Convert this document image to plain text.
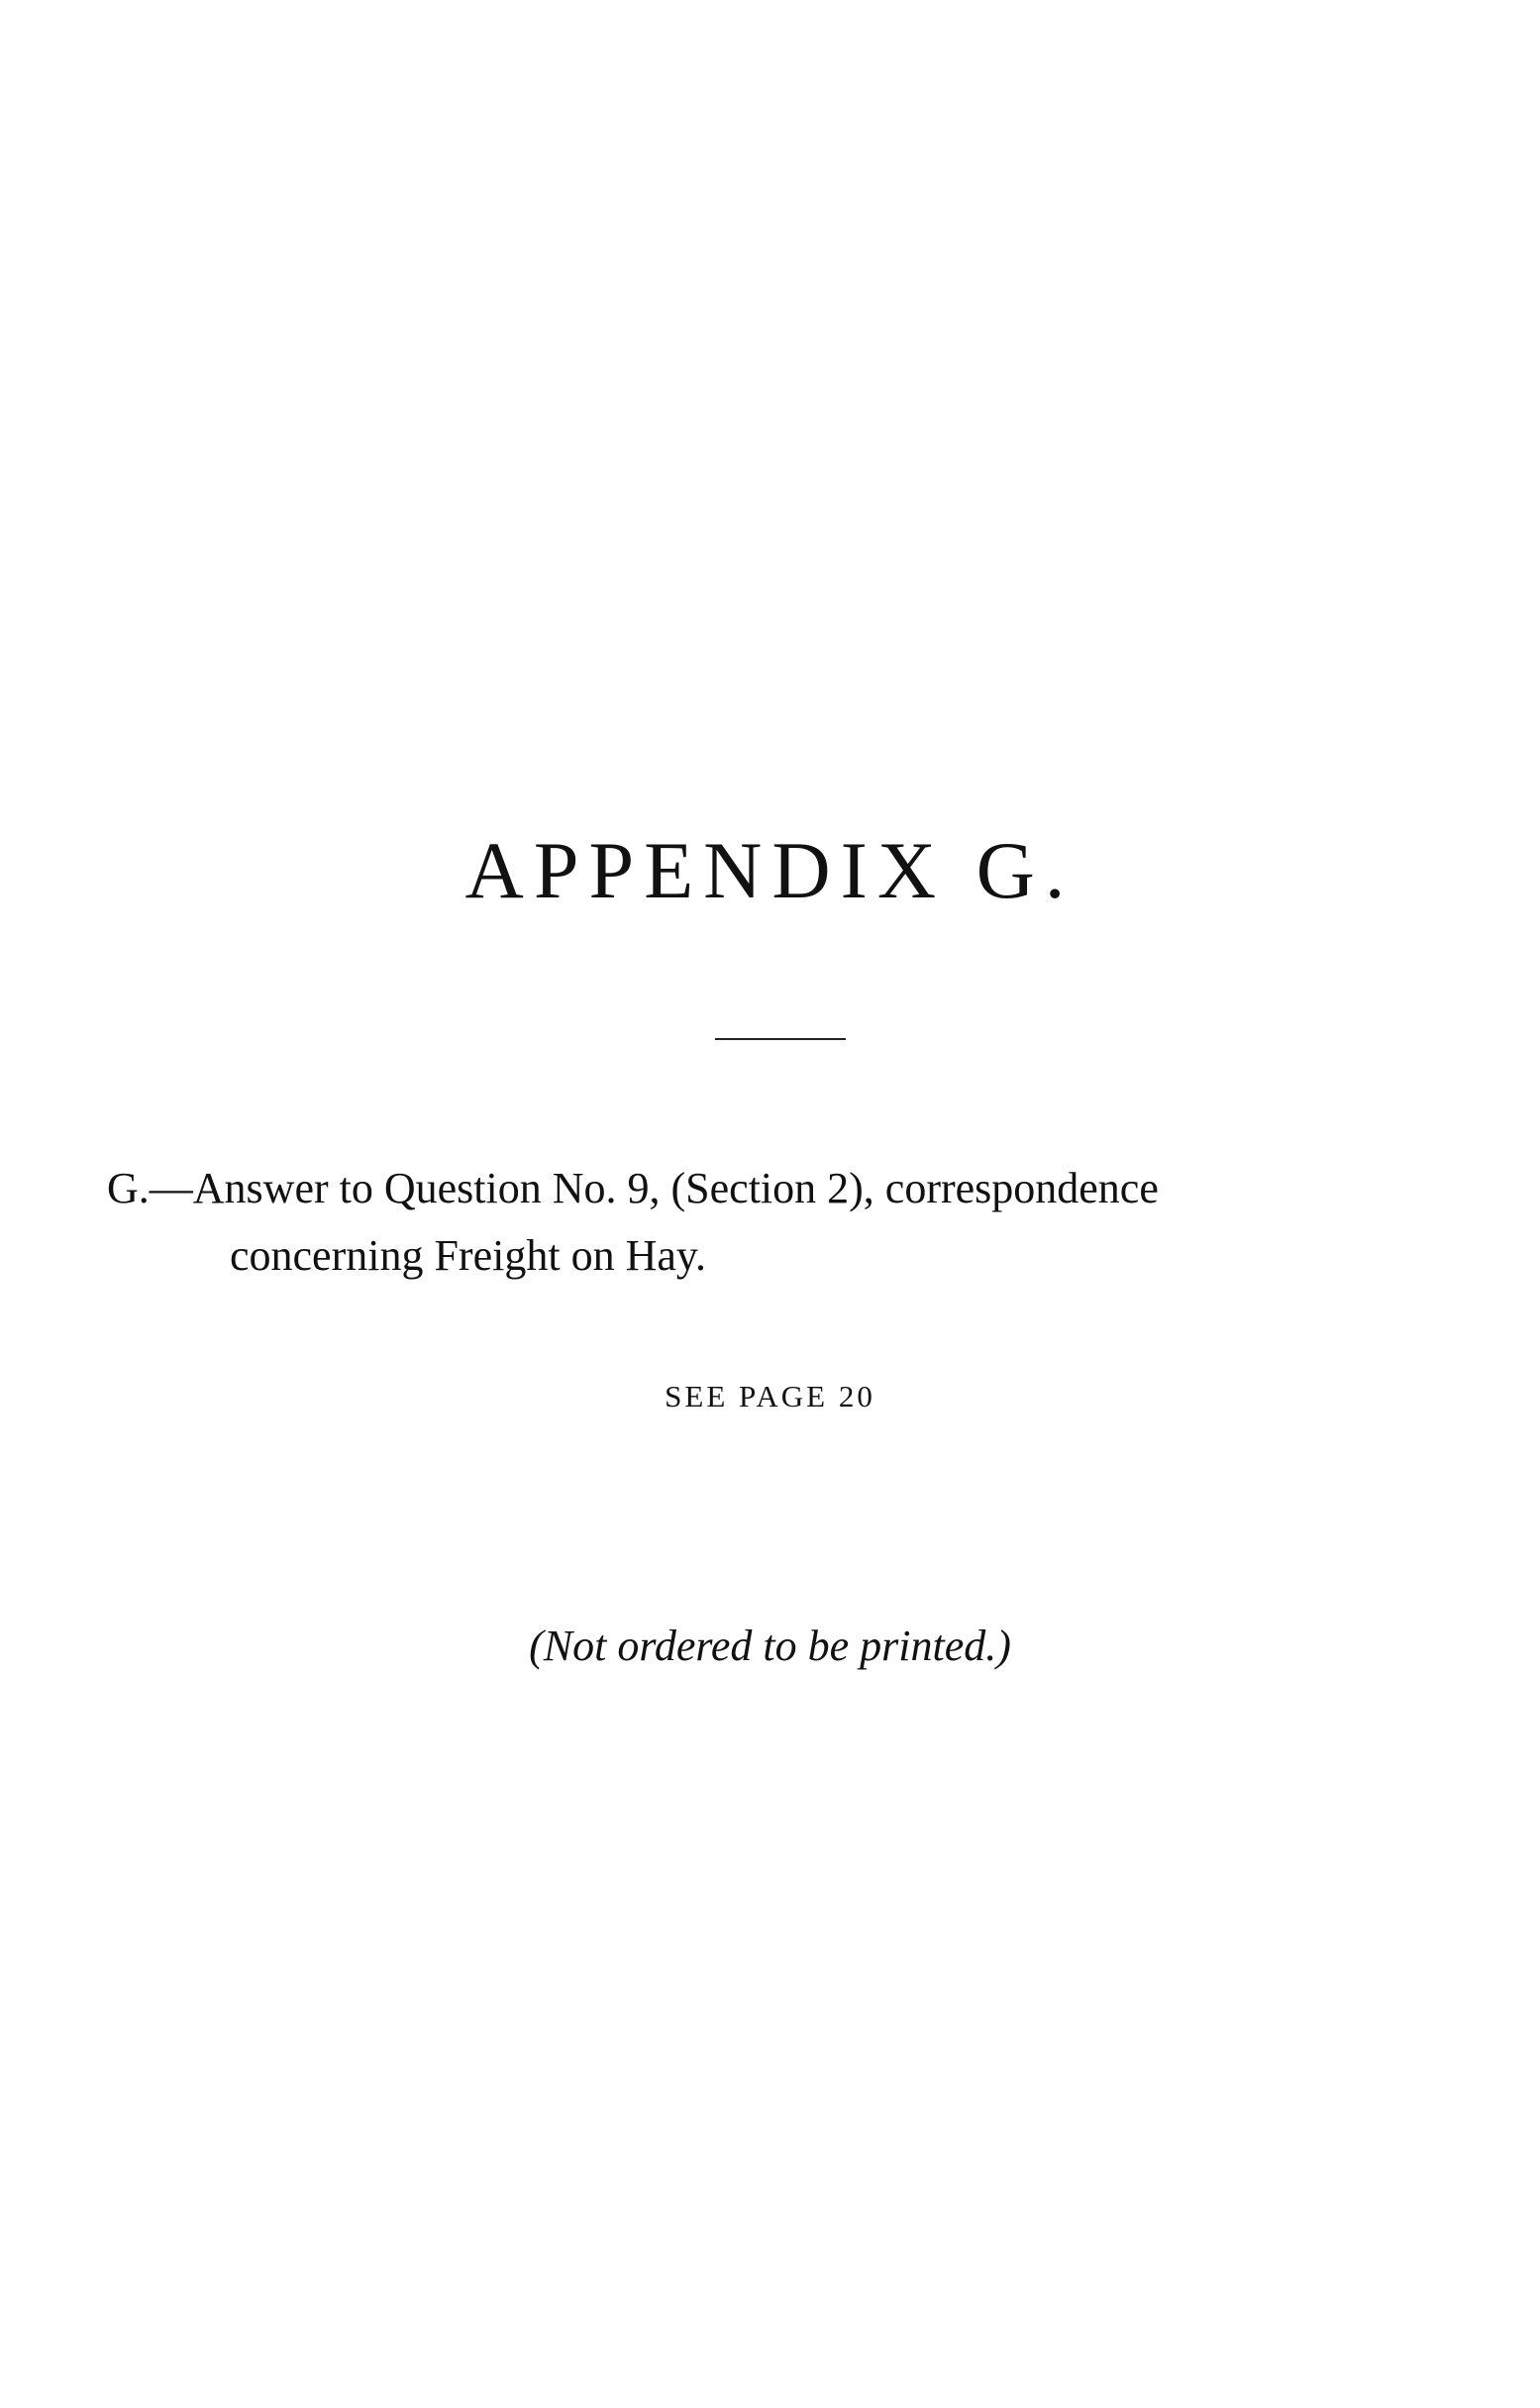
APPENDIX G.

G.—Answer to Question No. 9, (Section 2), correspondence
concerning Freight on Hay.

SEE PAGE 20

(Not ordered to be printed.)
